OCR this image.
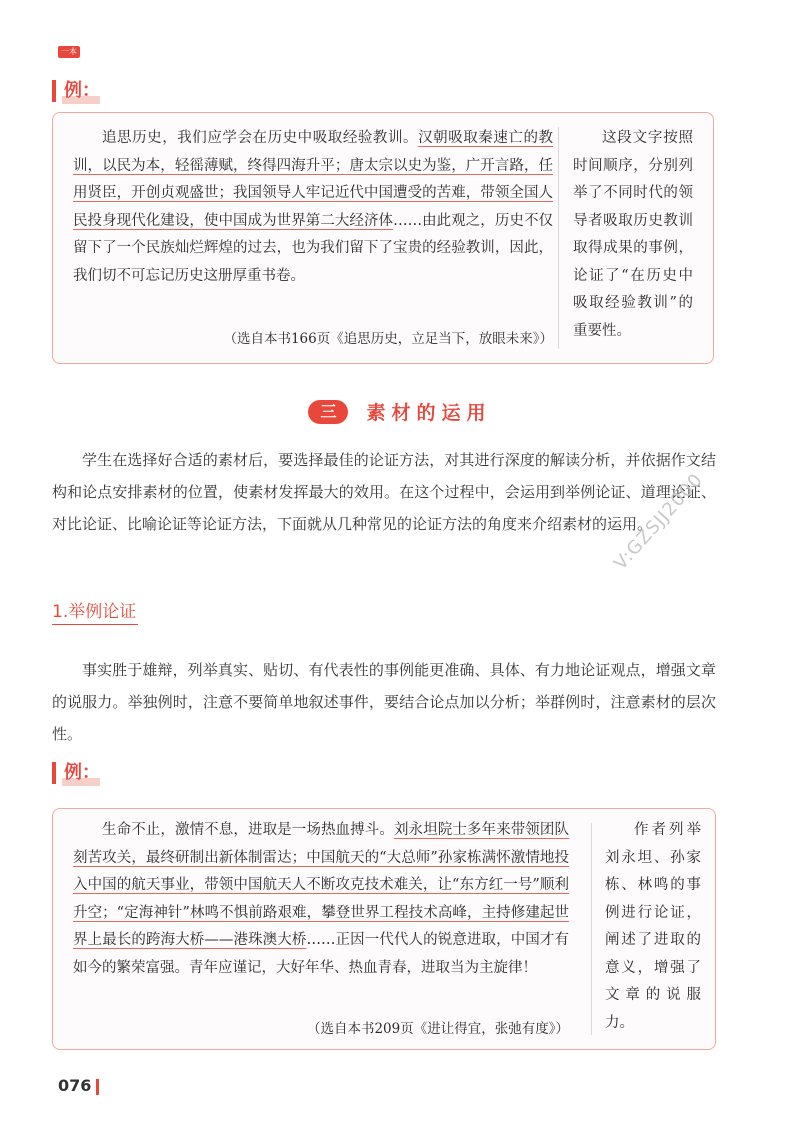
一本
例：
追思历史，我们应学会在历史中吸取经验教训。汉朝吸取秦速亡的教训，以民为本，轻徭薄赋，终得四海升平；唐太宗以史为鉴，广开言路，任用贤臣，开创贞观盛世；我国领导人牢记近代中国遭受的苦难，带领全国人民投身现代化建设，使中国成为世界第二大经济体……由此观之，历史不仅留下了一个民族灿烂辉煌的过去，也为我们留下了宝贵的经验教训，因此，我们切不可忘记历史这册厚重书卷。
（选自本书166页《追思历史，立足当下，放眼未来》）
这段文字按照时间顺序，分别列举了不同时代的领导者吸取历史教训取得成果的事例，论证了“在历史中吸取经验教训”的重要性。
三 素材的运用
学生在选择好合适的素材后，要选择最佳的论证方法，对其进行深度的解读分析，并依据作文结构和论点安排素材的位置，使素材发挥最大的效用。在这个过程中，会运用到举例论证、道理论证、对比论证、比喻论证等论证方法，下面就从几种常见的论证方法的角度来介绍素材的运用。
V:GZSJJ2000
1.举例论证
事实胜于雄辩，列举真实、贴切、有代表性的事例能更准确、具体、有力地论证观点，增强文章的说服力。举独例时，注意不要简单地叙述事件，要结合论点加以分析；举群例时，注意素材的层次性。
例：
生命不止，激情不息，进取是一场热血搏斗。刘永坦院士多年来带领团队刻苦攻关，最终研制出新体制雷达；中国航天的“大总师”孙家栋满怀激情地投入中国的航天事业，带领中国航天人不断攻克技术难关，让“东方红一号”顺利升空；“定海神针”林鸣不惧前路艰难，攀登世界工程技术高峰，主持修建起世界上最长的跨海大桥——港珠澳大桥……正因一代代人的锐意进取，中国才有如今的繁荣富强。青年应谨记，大好年华、热血青春，进取当为主旋律！
（选自本书209页《进让得宜，张弛有度》）
作者列举刘永坦、孙家栋、林鸣的事例进行论证，阐述了进取的意义，增强了文章的说服力。
076
